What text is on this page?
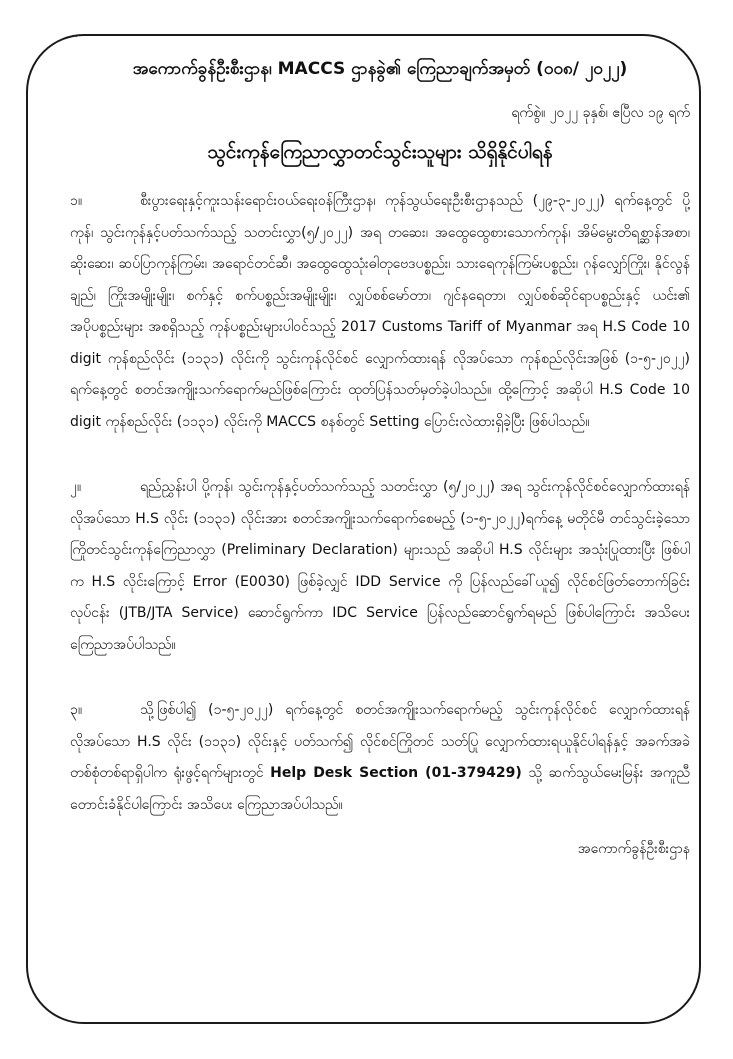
"
အကောက်ခွန်ဦးစီးဌာန၊ MACCS ဌာနခွဲ၏ ကြေညာချက်အမှတ် (၀၀၈/ ၂၀၂၂)
ရက်စွဲ။ ၂၀၂၂ ခုနှစ်၊ ဧပြီလ ၁၉ ရက်
သွင်းကုန်ကြေညာလွှာတင်သွင်းသူများ သိရှိနိုင်ပါရန်

၁။	စီးပွားရေးနှင့်ကူးသန်းရောင်းဝယ်ရေးဝန်ကြီးဌာန၊ ကုန်သွယ်ရေးဦးစီးဌာနသည် (၂၉-၃-၂၀၂၂) ရက်နေ့တွင် ပို့ကုန်၊ သွင်းကုန်နှင့်ပတ်သက်သည့် သတင်းလွှာ(၅/၂၀၂၂) အရ တဆေး၊ အထွေထွေစားသောက်ကုန်၊ အိမ်မွေးတိရစ္ဆာန်အစာ၊ ဆိုးဆေး၊ ဆပ်ပြာကုန်ကြမ်း၊ အရောင်တင်ဆီ၊ အထွေထွေသုံးဓါတုဗေဒပစ္စည်း၊ သားရေကုန်ကြမ်းပစ္စည်း၊ ဂုန်လျှော်ကြိုး၊ နိုင်လွန်ချည်၊ ကြိုးအမျိုးမျိုး၊ စက်နှင့် စက်ပစ္စည်းအမျိုးမျိုး၊ လျှပ်စစ်မော်တာ၊ ဂျင်နရေတာ၊ လျှပ်စစ်ဆိုင်ရာပစ္စည်းနှင့် ယင်း၏ အပိုပစ္စည်းများ အစရှိသည့် ကုန်ပစ္စည်းများပါဝင်သည့် 2017 Customs Tariff of Myanmar အရ H.S Code 10 digit ကုန်စည်လိုင်း (၁၁၃၁) လိုင်းကို သွင်းကုန်လိုင်စင် လျှောက်ထားရန် လိုအပ်သော ကုန်စည်လိုင်းအဖြစ် (၁-၅-၂၀၂၂) ရက်နေ့တွင် စတင်အကျိုးသက်ရောက်မည်ဖြစ်ကြောင်း ထုတ်ပြန်သတ်မှတ်ခဲ့ပါသည်။ ထို့ကြောင့် အဆိုပါ H.S Code 10 digit ကုန်စည်လိုင်း (၁၁၃၁) လိုင်းကို MACCS စနစ်တွင် Setting ပြောင်းလဲထားရှိခဲ့ပြီး ဖြစ်ပါသည်။

၂။	ရည်ညွှန်းပါ ပို့ကုန်၊ သွင်းကုန်နှင့်ပတ်သက်သည့် သတင်းလွှာ (၅/၂၀၂၂) အရ သွင်းကုန်လိုင်စင်လျှောက်ထားရန် လိုအပ်သော H.S လိုင်း (၁၁၃၁) လိုင်းအား စတင်အကျိုးသက်ရောက်စေမည့် (၁-၅-၂၀၂၂)ရက်နေ့ မတိုင်မီ တင်သွင်းခဲ့သော ကြိုတင်သွင်းကုန်ကြေညာလွှာ (Preliminary Declaration) များသည် အဆိုပါ H.S လိုင်းများ အသုံးပြုထားပြီး ဖြစ်ပါက H.S လိုင်းကြောင့် Error (E0030) ဖြစ်ခဲ့လျှင် IDD Service ကို ပြန်လည်ခေါ်ယူ၍ လိုင်စင်ဖြတ်တောက်ခြင်းလုပ်ငန်း (JTB/JTA Service) ဆောင်ရွက်ကာ IDC Service ပြန်လည်ဆောင်ရွက်ရမည် ဖြစ်ပါကြောင်း အသိပေးကြေညာအပ်ပါသည်။

၃။	သို့ဖြစ်ပါ၍ (၁-၅-၂၀၂၂) ရက်နေ့တွင် စတင်အကျိုးသက်ရောက်မည့် သွင်းကုန်လိုင်စင် လျှောက်ထားရန် လိုအပ်သော H.S လိုင်း (၁၁၃၁) လိုင်းနှင့် ပတ်သက်၍ လိုင်စင်ကြိုတင် သတ်ပြု လျှောက်ထားရယူနိုင်ပါရန်နှင့် အခက်အခဲ တစ်စုံတစ်ရာရှိပါက ရုံးဖွင့်ရက်များတွင် Help Desk Section (01-379429) သို့ ဆက်သွယ်မေးမြန်း အကူညီတောင်းခံနိုင်ပါကြောင်း အသိပေး ကြေညာအပ်ပါသည်။

အကောက်ခွန်ဦးစီးဌာန
